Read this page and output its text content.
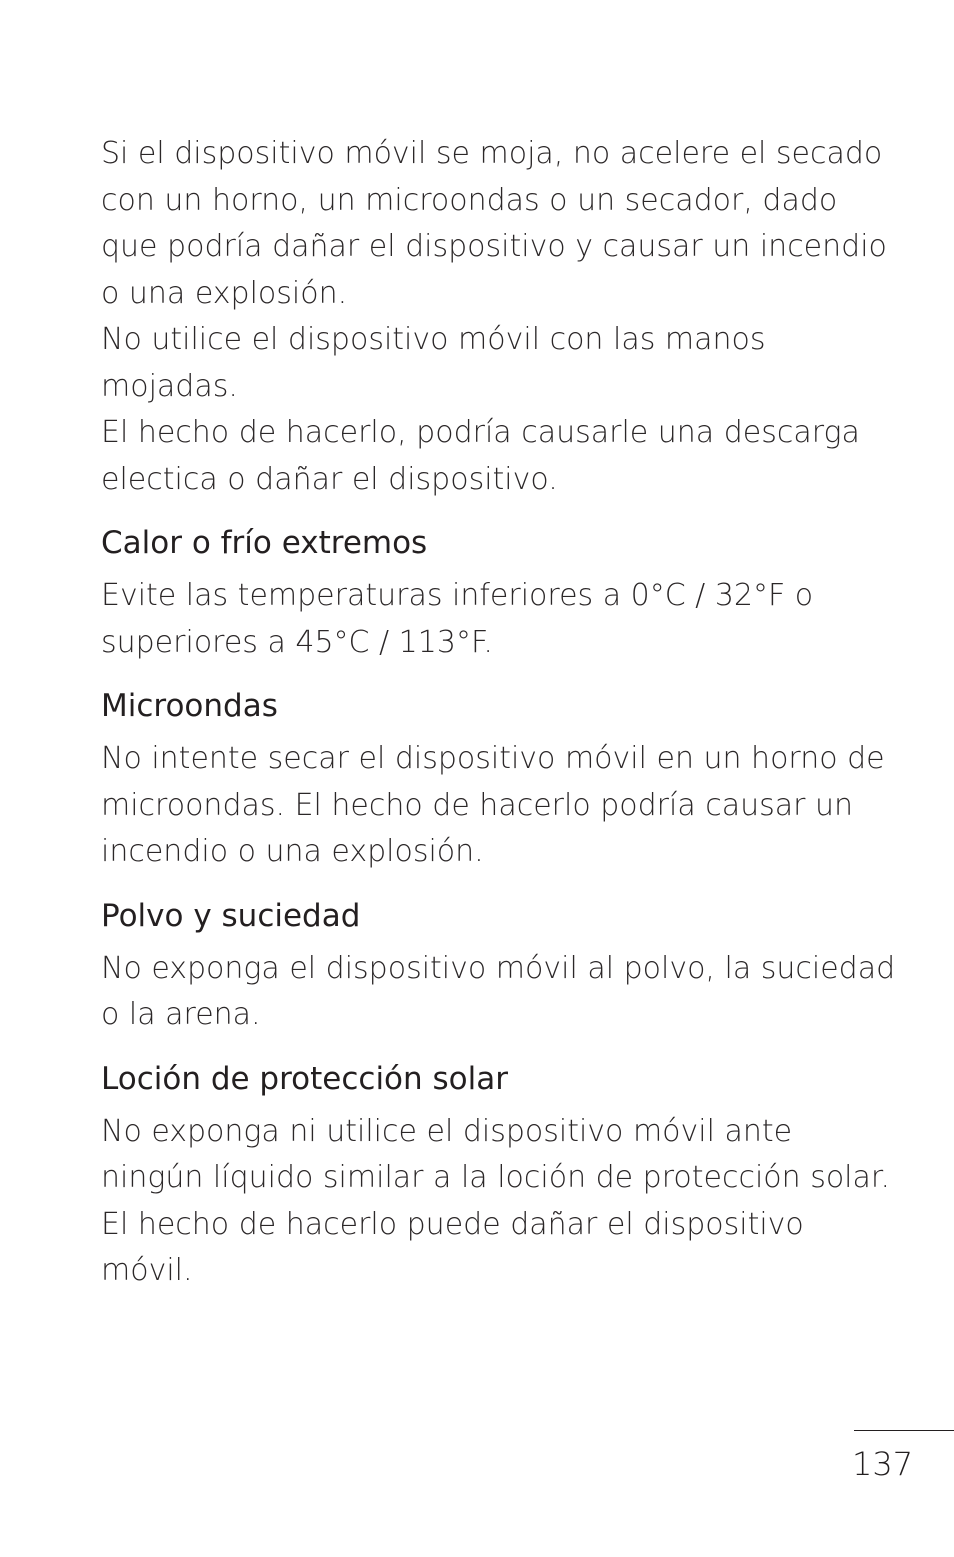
Si el dispositivo móvil se moja, no acelere el secado con un horno, un microondas o un secador, dado que podría dañar el dispositivo y causar un incendio o una explosión.

No utilice el dispositivo móvil con las manos mojadas.

El hecho de hacerlo, podría causarle una descarga electica o dañar el dispositivo.

Calor o frío extremos

Evite las temperaturas inferiores a 0°C / 32°F o superiores a 45°C / 113°F.

Microondas

No intente secar el dispositivo móvil en un horno de microondas. El hecho de hacerlo podría causar un incendio o una explosión.

Polvo y suciedad

No exponga el dispositivo móvil al polvo, la suciedad o la arena.

Loción de protección solar

No exponga ni utilice el dispositivo móvil ante ningún líquido similar a la loción de protección solar. El hecho de hacerlo puede dañar el dispositivo móvil.

137
